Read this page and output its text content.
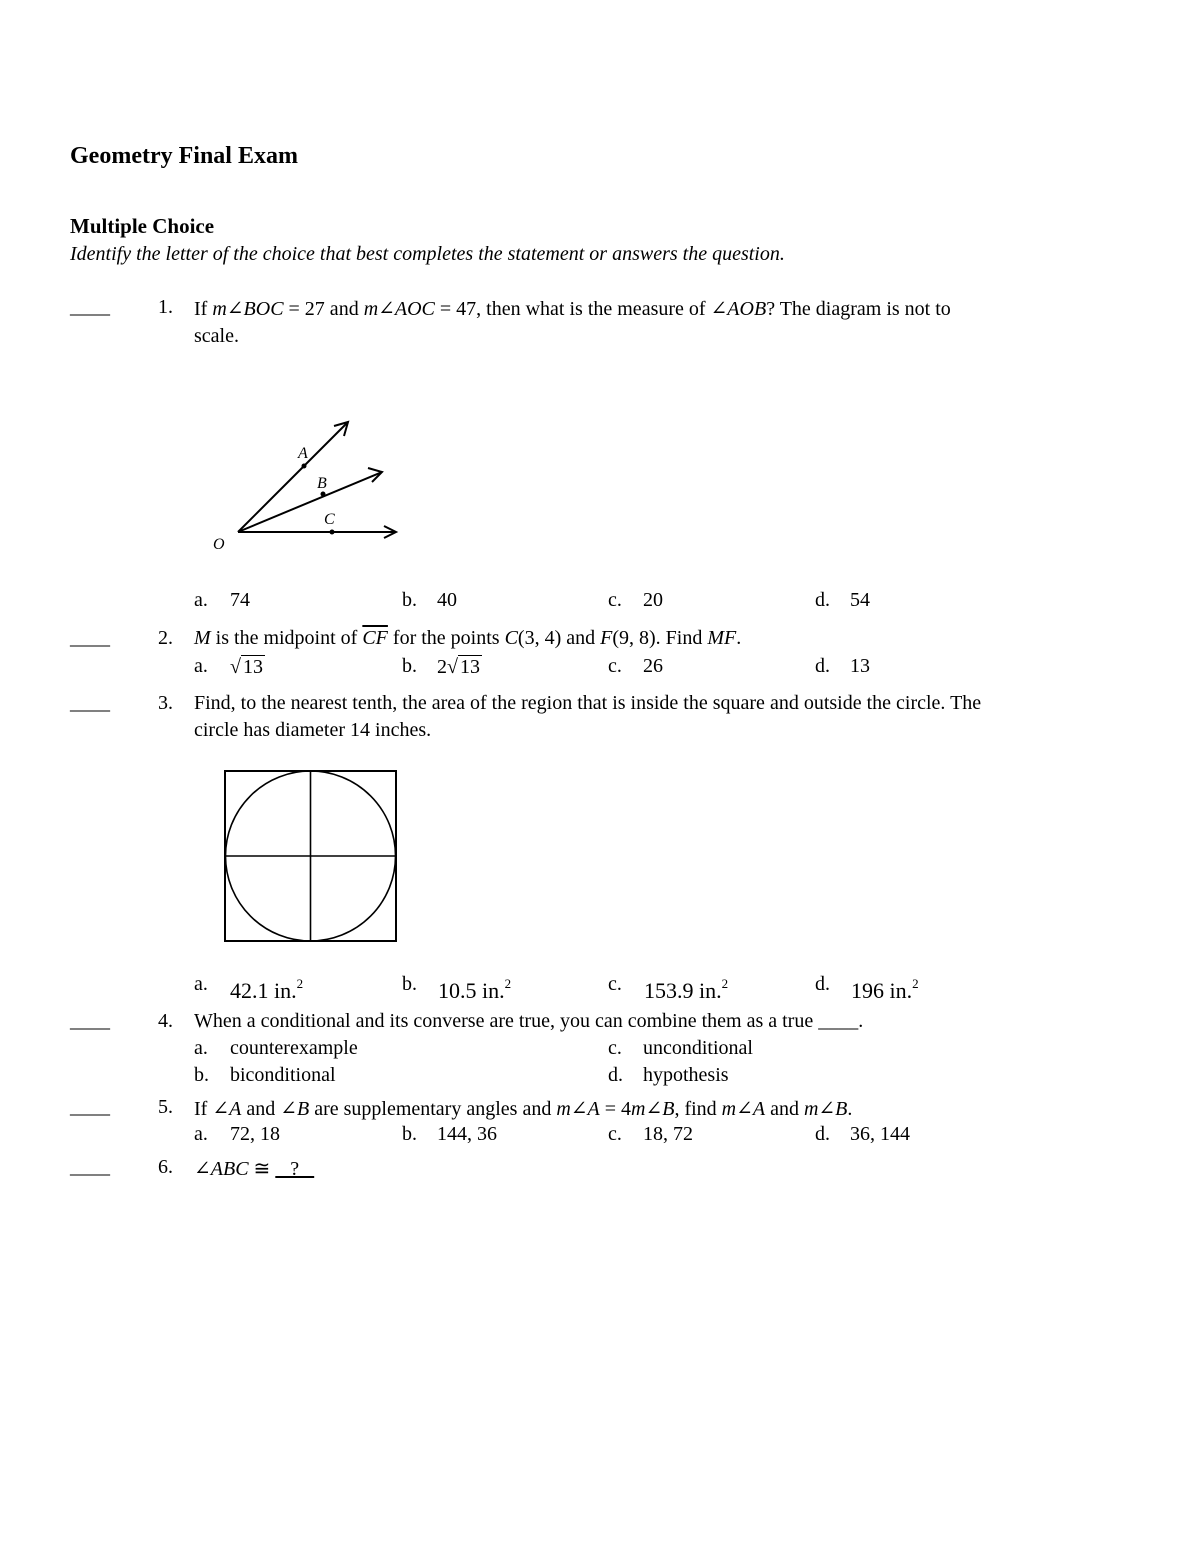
Geometry Final Exam
Multiple Choice
Identify the letter of the choice that best completes the statement or answers the question.
____ 1. If m∠BOC = 27 and m∠AOC = 47, then what is the measure of ∠AOB? The diagram is not to
scale.
A
B
C
O
a. 74	b. 40	c. 20	d. 54
____ 2. M is the midpoint of $\overline{CF}$ for the points C(3, 4) and F(9, 8). Find MF.
a. √ 13	b. 2√ 13	c. 26	d. 13
____ 3. Find, to the nearest tenth, the area of the region that is inside the square and outside the circle. The
circle has diameter 14 inches.
a. 42.1 in.$^2$	b. 10.5 in.$^2$	c. 153.9 in.$^2$	d. 196 in.$^2$
____ 4. When a conditional and its converse are true, you can combine them as a true ____.
a. counterexample	c. unconditional
b. biconditional	d. hypothesis
____ 5. If ∠A and ∠B are supplementary angles and m∠A = 4m∠B, find m∠A and m∠B.
a. 72, 18	b. 144, 36	c. 18, 72	d. 36, 144
____ 6. ∠ABC ≅    ?
